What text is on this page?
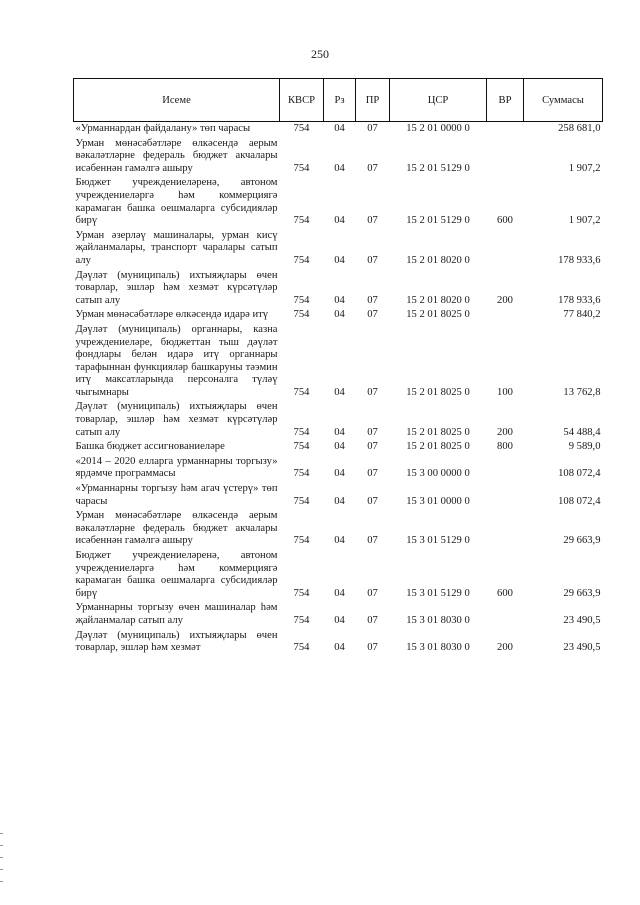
250
Исеме	КВСР	Рз	ПР	ЦСР	ВР	Суммасы
«Урманнардан файдалану» төп чарасы	754	04	07	15 2 01 0000 0		258 681,0
Урман мөнәсәбәтләре өлкәсендә аерым вәкаләтләрне федераль бюджет акчалары исәбеннән гамәлгә ашыру	754	04	07	15 2 01 5129 0		1 907,2
Бюджет учреждениеләренә, автоном учреждениеләргә һәм коммерциягә карамаган башка оешмаларга субсидияләр бирү	754	04	07	15 2 01 5129 0	600	1 907,2
Урман әзерләү машиналары, урман кисү җайланмалары, транспорт чаралары сатып алу	754	04	07	15 2 01 8020 0		178 933,6
Дәүләт (муниципаль) ихтыяҗлары өчен товарлар, эшләр һәм хезмәт күрсәтүләр сатып алу	754	04	07	15 2 01 8020 0	200	178 933,6
Урман мөнәсәбәтләре өлкәсендә идарә итү	754	04	07	15 2 01 8025 0		77 840,2
Дәүләт (муниципаль) органнары, казна учреждениеләре, бюджеттан тыш дәүләт фондлары белән идарә итү органнары тарафыннан функцияләр башкаруны тәэмин итү максатларында персоналга түләү чыгымнары	754	04	07	15 2 01 8025 0	100	13 762,8
Дәүләт (муниципаль) ихтыяҗлары өчен товарлар, эшләр һәм хезмәт күрсәтүләр сатып алу	754	04	07	15 2 01 8025 0	200	54 488,4
Башка бюджет ассигнованиеләре	754	04	07	15 2 01 8025 0	800	9 589,0
«2014 – 2020 елларга урманнарны торгызу» ярдәмче программасы	754	04	07	15 3 00 0000 0		108 072,4
«Урманнарны торгызу һәм агач үстерү» төп чарасы	754	04	07	15 3 01 0000 0		108 072,4
Урман мөнәсәбәтләре өлкәсендә аерым вәкаләтләрне федераль бюджет акчалары исәбеннән гамәлгә ашыру	754	04	07	15 3 01 5129 0		29 663,9
Бюджет учреждениеләренә, автоном учреждениеләргә һәм коммерциягә карамаган башка оешмаларга субсидияләр бирү	754	04	07	15 3 01 5129 0	600	29 663,9
Урманнарны торгызу өчен машиналар һәм җайланмалар сатып алу	754	04	07	15 3 01 8030 0		23 490,5
Дәүләт (муниципаль) ихтыяҗлары өчен товарлар, эшләр һәм хезмәт	754	04	07	15 3 01 8030 0	200	23 490,5
